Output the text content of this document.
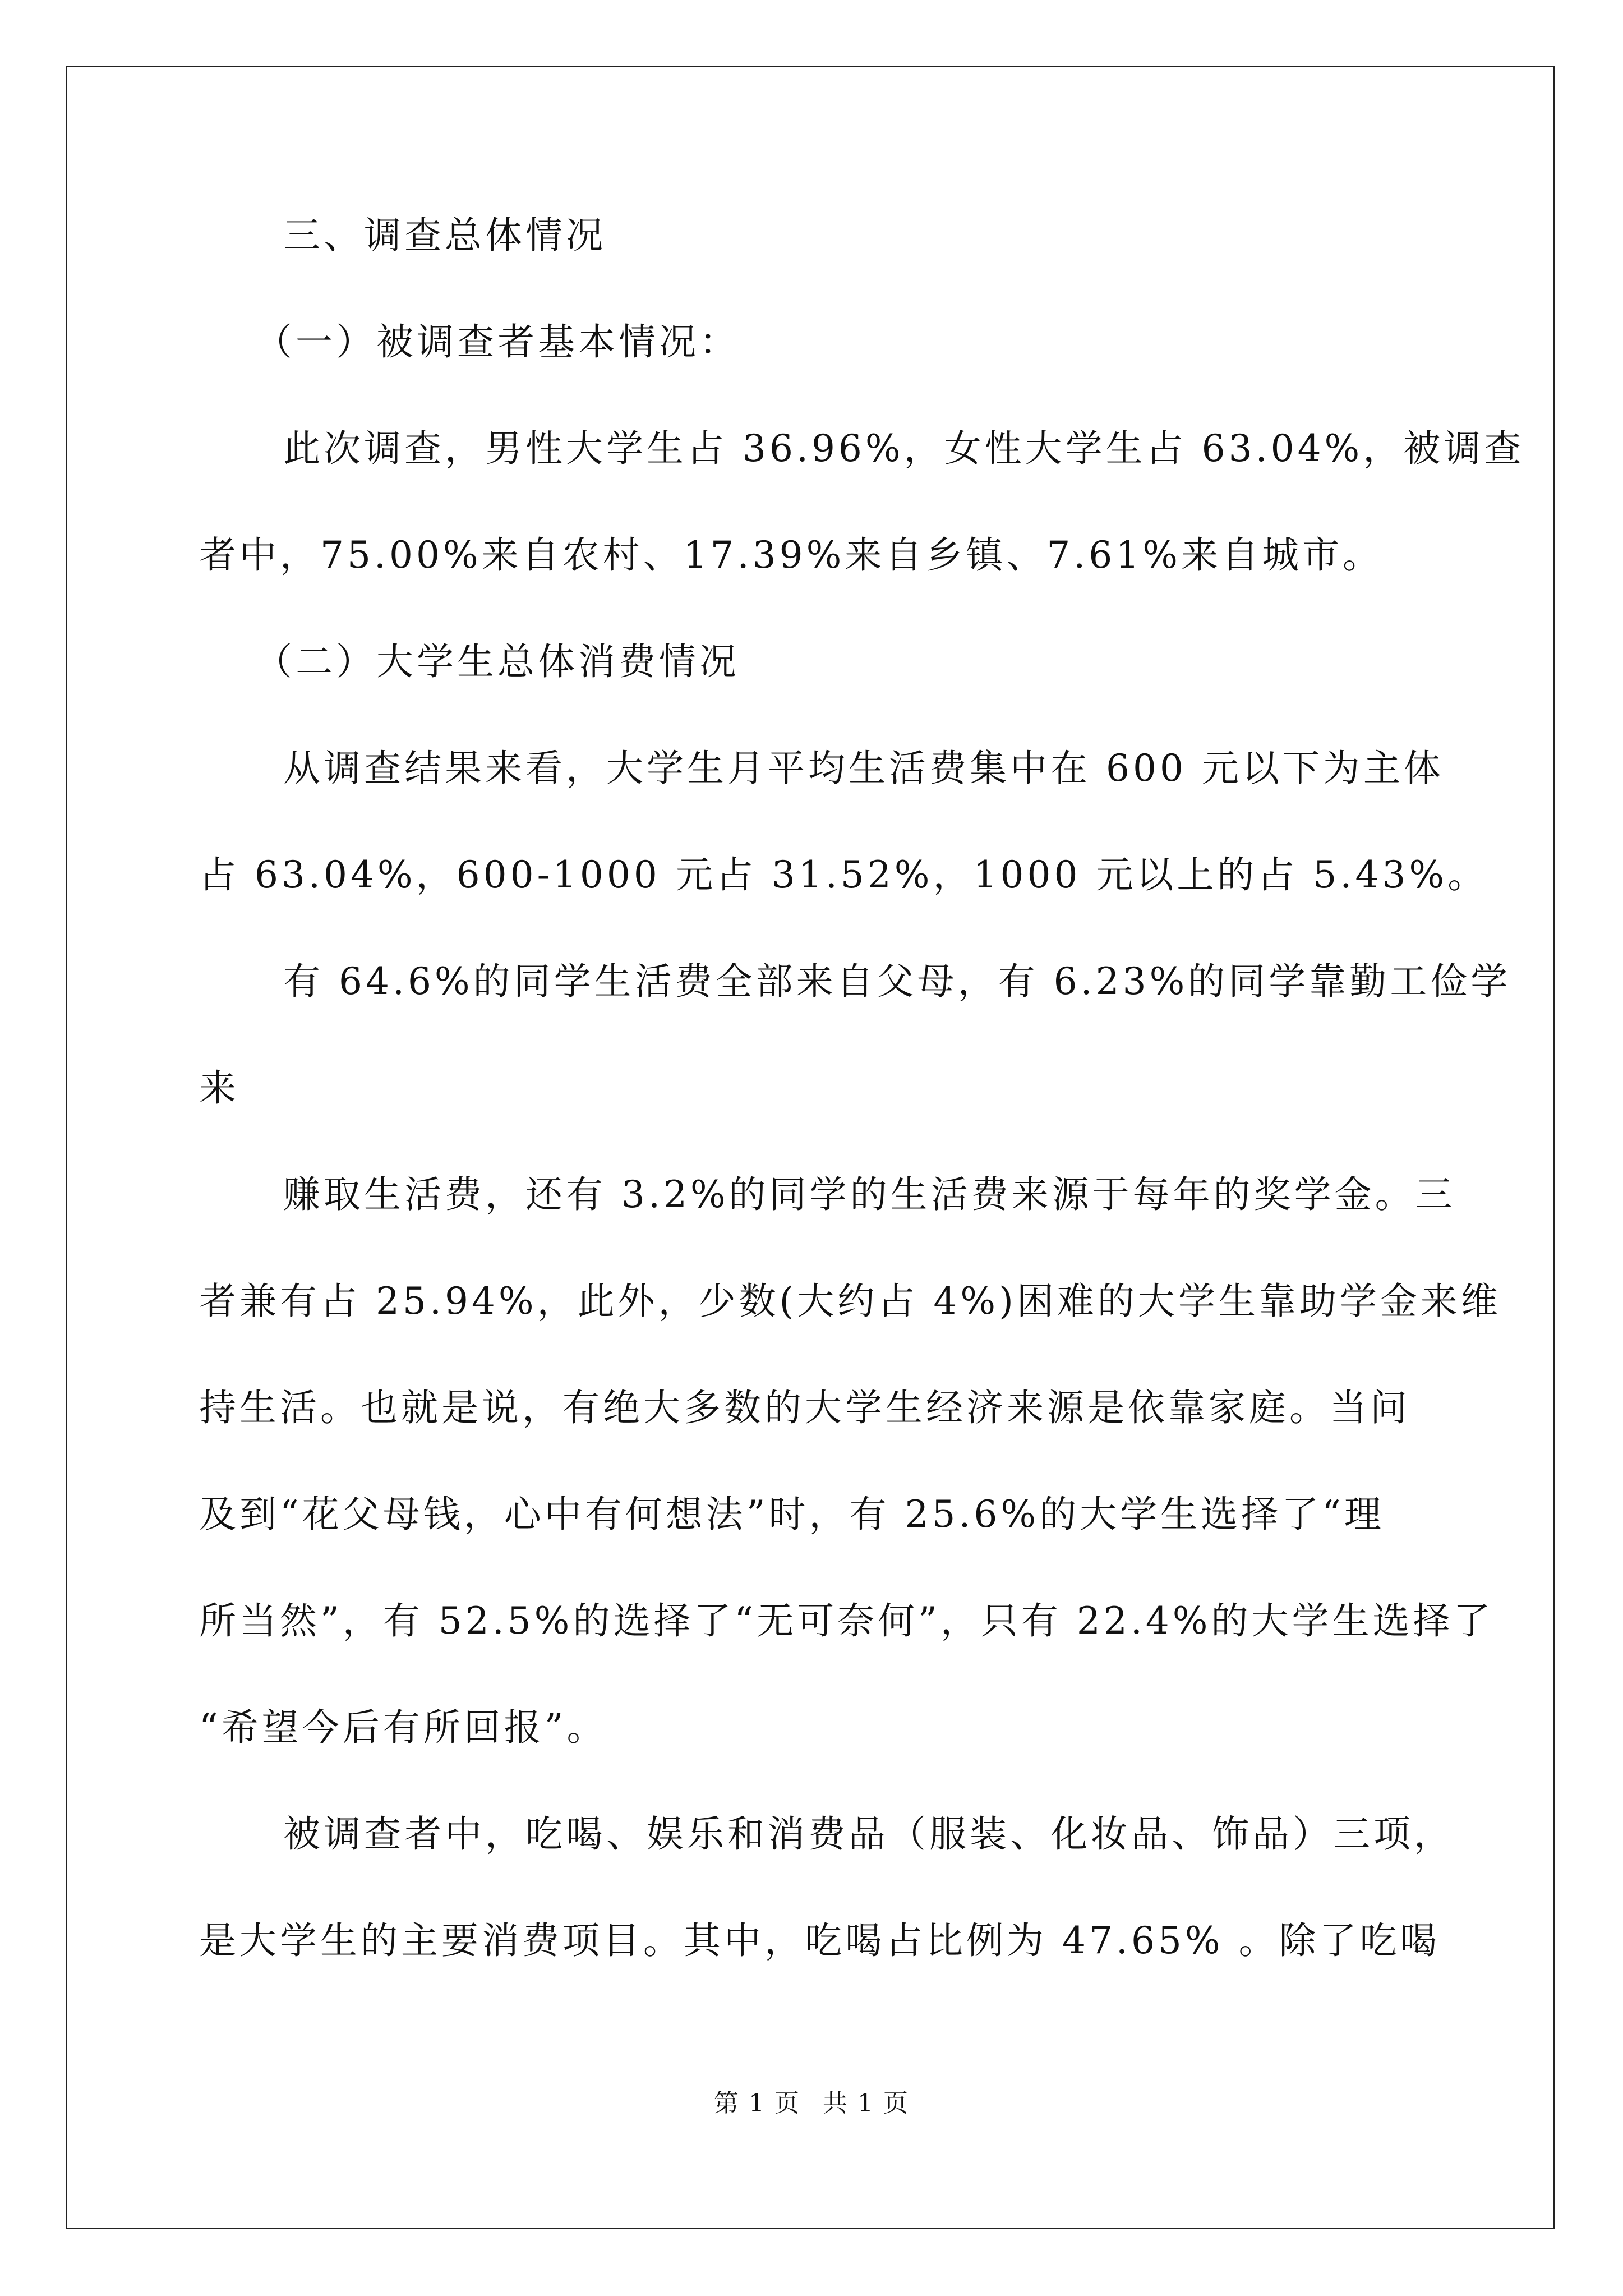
三、调查总体情况
（一）被调查者基本情况：
此次调查，男性大学生占 36.96%，女性大学生占 63.04%，被调查
者中，75.00%来自农村、17.39%来自乡镇、7.61%来自城市。
（二）大学生总体消费情况
从调查结果来看，大学生月平均生活费集中在 600 元以下为主体
占 63.04%，600-1000 元占 31.52%，1000 元以上的占 5.43%。
有 64.6%的同学生活费全部来自父母，有 6.23%的同学靠勤工俭学
来
赚取生活费，还有 3.2%的同学的生活费来源于每年的奖学金。三
者兼有占 25.94%，此外，少数(大约占 4%)困难的大学生靠助学金来维
持生活。也就是说，有绝大多数的大学生经济来源是依靠家庭。当问
及到“花父母钱，心中有何想法”时，有 25.6%的大学生选择了“理
所当然”，有 52.5%的选择了“无可奈何”，只有 22.4%的大学生选择了
“希望今后有所回报”。
被调查者中，吃喝、娱乐和消费品（服装、化妆品、饰品）三项，
是大学生的主要消费项目。其中，吃喝占比例为 47.65% 。除了吃喝
第 1 页 共 1 页
